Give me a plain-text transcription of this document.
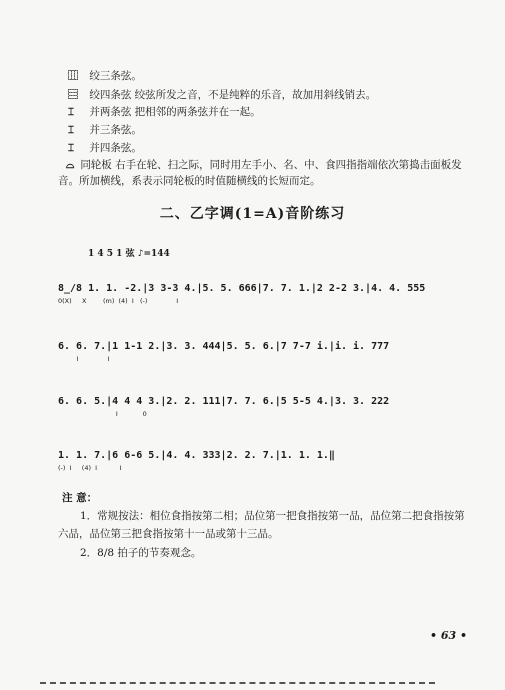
⿲ 绞三条弦。
⿳ 绞四条弦 绞弦所发之音，不是纯粹的乐音，故加用斜线销去。
⌶ 并两条弦 把相邻的两条弦并在一起。
⌶ 并三条弦。
⌶ 并四条弦。
⌓ 同轮板 右手在轮、扫之际，同时用左手小、名、中、食四指指端依次第捣击面板发音。所加横线，系表示同轮板的时值随横线的长短而定。
二、乙字调(1=A)音阶练习
1 4 5 1 弦 ♪=144
8̲/8 1. 1. -2.|3 3-3 4.|5. 5. 666|7. 7. 1.|2 2-2 3.|4. 4. 555
0(X)     X        (m)  (4)  I   (-)              I
6. 6. 7.|1 1-1 2.|3. 3. 444|5. 5. 6.|7 7-7 i.|i. i. 777
I              I
6. 6. 5.|4 4 4 3.|2. 2. 111|7. 7. 6.|5 5-5 4.|3. 3. 222
I            0
1. 1. 7.|6 6-6 5.|4. 4. 333|2. 2. 7.|1. 1. 1.‖
(-)  I     (4)  I           I
注 意：
1．常规按法：相位食指按第二相；品位第一把食指按第一品，品位第二把食指按第六品，品位第三把食指按第十一品或第十三品。
2．8/8 拍子的节奏观念。
• 63 •
